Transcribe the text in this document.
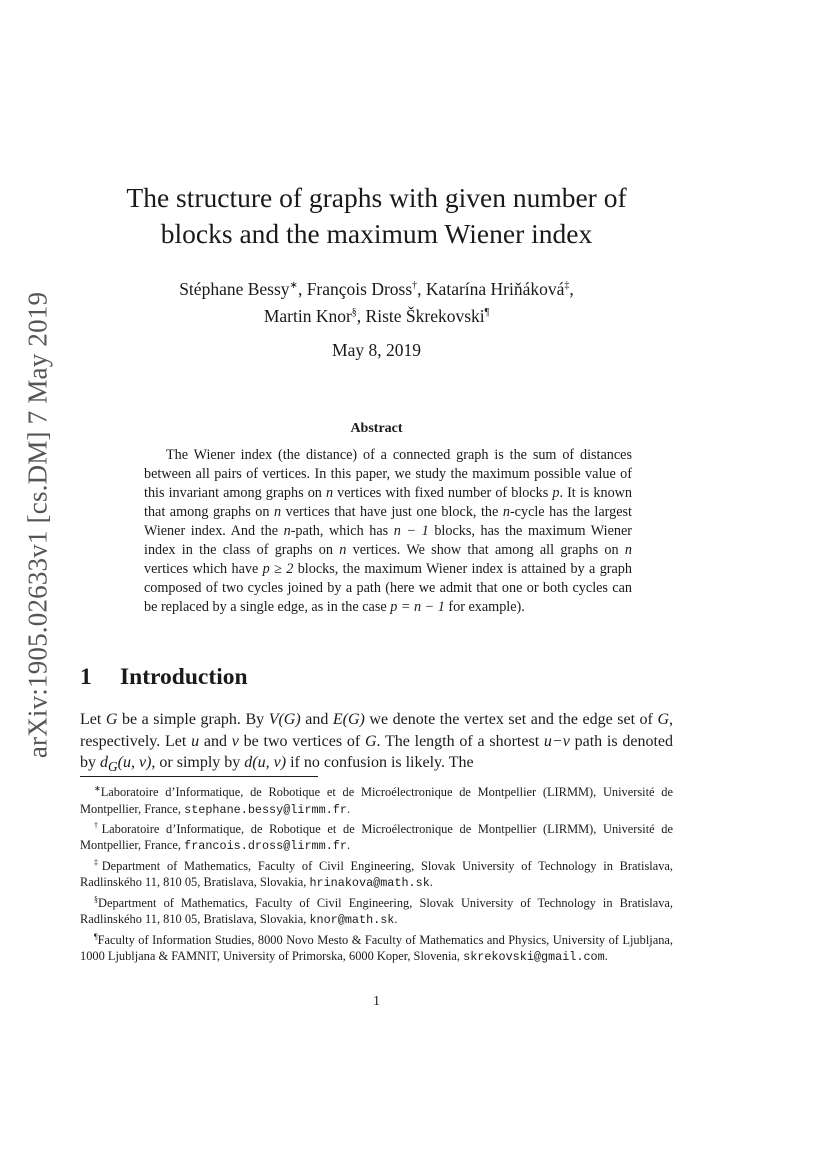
arXiv:1905.02633v1 [cs.DM] 7 May 2019
The structure of graphs with given number of
blocks and the maximum Wiener index
Stéphane Bessy∗, François Dross†, Katarína Hriňáková‡,
Martin Knor§, Riste Škrekovski¶
May 8, 2019
Abstract

The Wiener index (the distance) of a connected graph is the sum of distances between all pairs of vertices. In this paper, we study the maximum possible value of this invariant among graphs on n vertices with fixed number of blocks p. It is known that among graphs on n vertices that have just one block, the n-cycle has the largest Wiener index. And the n-path, which has n − 1 blocks, has the maximum Wiener index in the class of graphs on n vertices. We show that among all graphs on n vertices which have p ≥ 2 blocks, the maximum Wiener index is attained by a graph composed of two cycles joined by a path (here we admit that one or both cycles can be replaced by a single edge, as in the case p = n − 1 for example).

1 Introduction

Let G be a simple graph. By V(G) and E(G) we denote the vertex set and the edge set of G, respectively. Let u and v be two vertices of G. The length of a shortest u−v path is denoted by $d_G(u$, v), or simply by d(u, v) if no confusion is likely. The

∗Laboratoire d’Informatique, de Robotique et de Microélectronique de Montpellier (LIRMM), Université de Montpellier, France, stephane.bessy@lirmm.fr.

†Laboratoire d’Informatique, de Robotique et de Microélectronique de Montpellier (LIRMM), Université de Montpellier, France, francois.dross@lirmm.fr.

‡Department of Mathematics, Faculty of Civil Engineering, Slovak University of Technology in Bratislava, Radlinského 11, 810 05, Bratislava, Slovakia, hrinakova@math.sk.

§Department of Mathematics, Faculty of Civil Engineering, Slovak University of Technology in Bratislava, Radlinského 11, 810 05, Bratislava, Slovakia, knor@math.sk.

¶Faculty of Information Studies, 8000 Novo Mesto & Faculty of Mathematics and Physics, University of Ljubljana, 1000 Ljubljana & FAMNIT, University of Primorska, 6000 Koper, Slovenia, skrekovski@gmail.com.

1
